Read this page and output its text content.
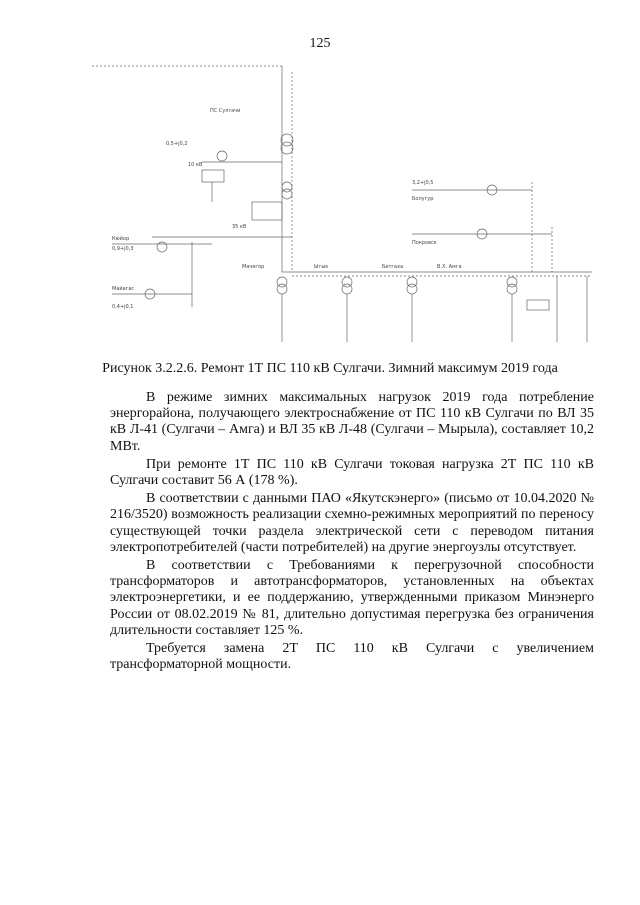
125
ПС Сулгачи
10 кВ
35 кВ
Кюйор
0,9+j0,3
Майагас
0,4+j0,1
0,5+j0,2
Болугур
3,2+j0,5
Покровск
Мачегор	Ытык	Бетгаха	В.Х. Амга
Рисунок 3.2.2.6. Ремонт 1Т ПС 110 кВ Сулгачи. Зимний максимум 2019 года

В режиме зимних максимальных нагрузок 2019 года потребление энергорайона, получающего электроснабжение от ПС 110 кВ Сулгачи по ВЛ 35 кВ Л-41 (Сулгачи – Амга) и ВЛ 35 кВ Л-48 (Сулгачи – Мырыла), составляет 10,2 МВт.

При ремонте 1Т ПС 110 кВ Сулгачи токовая нагрузка 2Т ПС 110 кВ Сулгачи составит 56 А (178 %).

В соответствии с данными ПАО «Якутскэнерго» (письмо от 10.04.2020 № 216/3520) возможность реализации схемно-режимных мероприятий по переносу существующей точки раздела электрической сети с переводом питания электропотребителей (части потребителей) на другие энергоузлы отсутствует.

В соответствии с Требованиями к перегрузочной способности трансформаторов и автотрансформаторов, установленных на объектах электроэнергетики, и ее поддержанию, утвержденными приказом Минэнерго России от 08.02.2019 № 81, длительно допустимая перегрузка без ограничения длительности составляет 125 %.

Требуется замена 2Т ПС 110 кВ Сулгачи с увеличением трансформаторной мощности.
